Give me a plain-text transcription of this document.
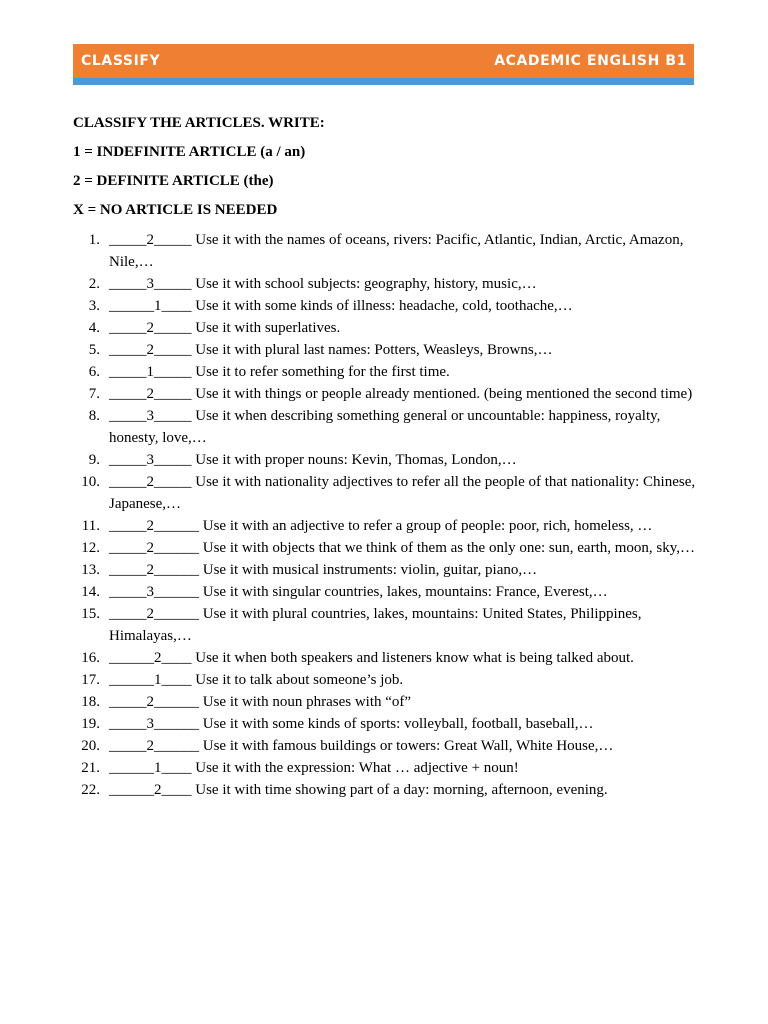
CLASSIFY	ACADEMIC ENGLISH B1

CLASSIFY THE ARTICLES. WRITE:

1 = INDEFINITE ARTICLE (a / an)

2 = DEFINITE ARTICLE (the)

X = NO ARTICLE IS NEEDED

1. _____2_____ Use it with the names of oceans, rivers: Pacific, Atlantic, Indian, Arctic, Amazon, Nile,…
2. _____3_____ Use it with school subjects: geography, history, music,…
3. ______1____ Use it with some kinds of illness: headache, cold, toothache,…
4. _____2_____ Use it with superlatives.
5. _____2_____ Use it with plural last names: Potters, Weasleys, Browns,…
6. _____1_____ Use it to refer something for the first time.
7. _____2_____ Use it with things or people already mentioned. (being mentioned the second time)
8. _____3_____ Use it when describing something general or uncountable: happiness, royalty, honesty, love,…
9. _____3_____ Use it with proper nouns: Kevin, Thomas, London,…
10. _____2_____ Use it with nationality adjectives to refer all the people of that nationality: Chinese, Japanese,…
11. _____2______ Use it with an adjective to refer a group of people: poor, rich, homeless, …
12. _____2______ Use it with objects that we think of them as the only one: sun, earth, moon, sky,…
13. _____2______ Use it with musical instruments: violin, guitar, piano,…
14. _____3______ Use it with singular countries, lakes, mountains: France, Everest,…
15. _____2______ Use it with plural countries, lakes, mountains: United States, Philippines, Himalayas,…
16. ______2____ Use it when both speakers and listeners know what is being talked about.
17. ______1____ Use it to talk about someone’s job.
18. _____2______ Use it with noun phrases with “of”
19. _____3______ Use it with some kinds of sports: volleyball, football, baseball,…
20. _____2______ Use it with famous buildings or towers: Great Wall, White House,…
21. ______1____ Use it with the expression: What … adjective + noun!
22. ______2____ Use it with time showing part of a day: morning, afternoon, evening.
